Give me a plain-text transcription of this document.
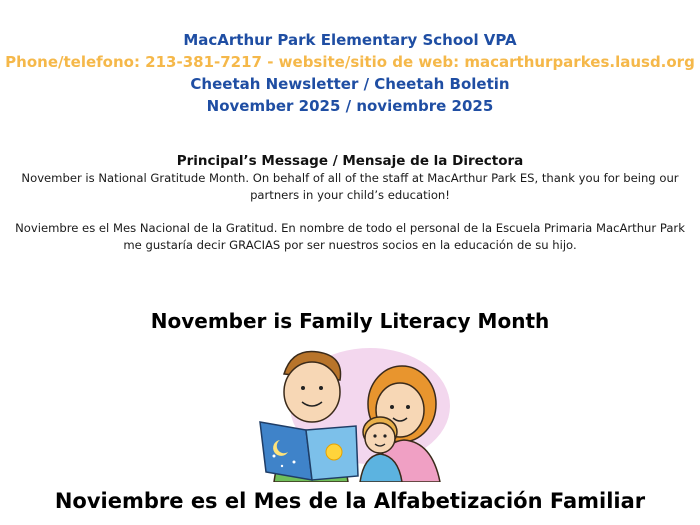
MacArthur Park Elementary School VPA
Phone/telefono: 213-381-7217 - website/sitio de web: macarthurparkes.lausd.org
Cheetah Newsletter / Cheetah Boletin
November 2025 / noviembre 2025
Principal’s Message / Mensaje de la Directora
November is National Gratitude Month. On behalf of all of the staff at MacArthur Park ES, thank you for being our partners in your child’s education!
Noviembre es el Mes Nacional de la Gratitud. En nombre de todo el personal de la Escuela Primaria MacArthur Park me gustaría decir GRACIAS por ser nuestros socios en la educación de su hijo.
November is Family Literacy Month
Noviembre es el Mes de la Alfabetización Familiar
